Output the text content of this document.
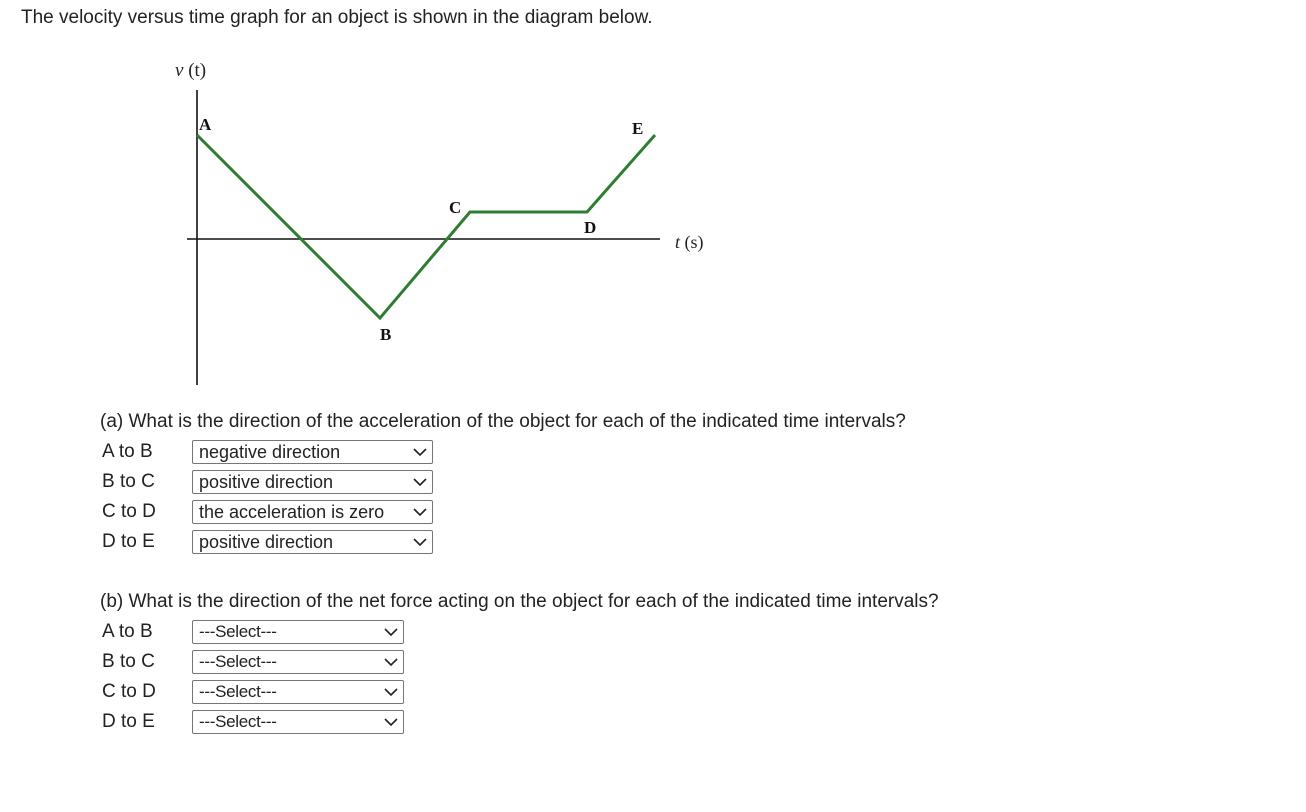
The velocity versus time graph for an object is shown in the diagram below.
v (t)
t (s)
A
B
C
D
E
(a) What is the direction of the acceleration of the object for each of the indicated time intervals?
A to B	negative direction
B to C	positive direction
C to D	the acceleration is zero
D to E	positive direction
(b) What is the direction of the net force acting on the object for each of the indicated time intervals?
A to B	---Select---
B to C	---Select---
C to D	---Select---
D to E	---Select---
